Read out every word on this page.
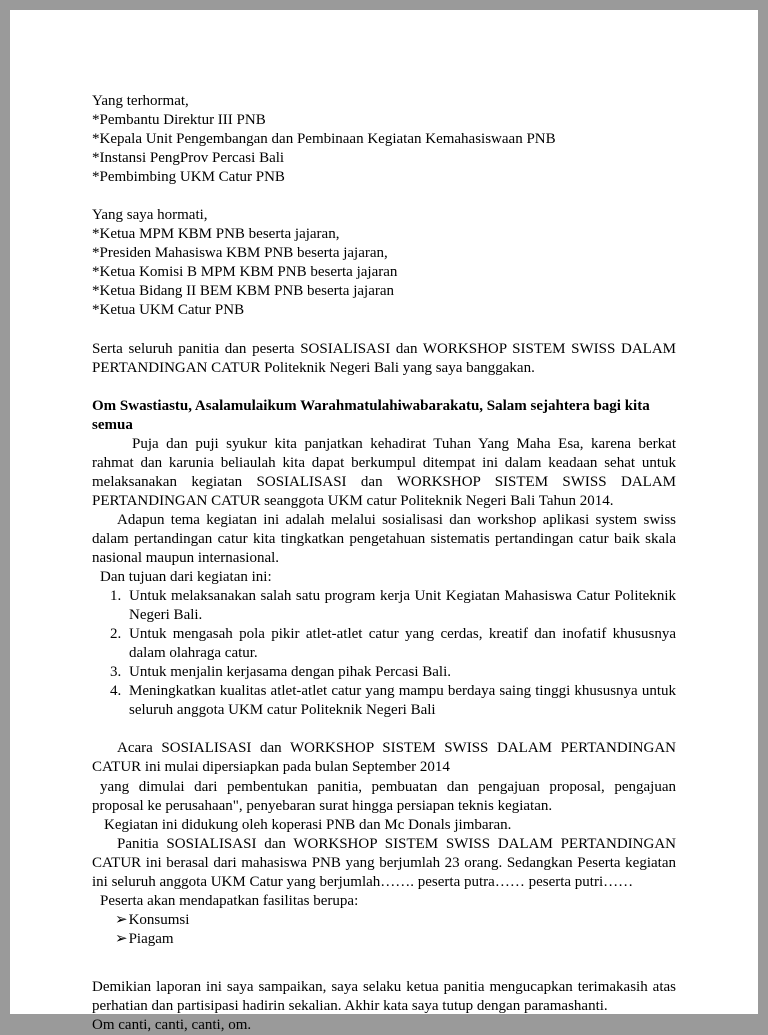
Yang terhormat,

*Pembantu Direktur III PNB

*Kepala Unit Pengembangan dan Pembinaan Kegiatan Kemahasiswaan PNB

*Instansi PengProv Percasi Bali

*Pembimbing UKM Catur PNB

Yang saya hormati,

*Ketua MPM KBM PNB beserta jajaran,

*Presiden Mahasiswa KBM PNB beserta jajaran,

*Ketua Komisi B MPM KBM PNB beserta jajaran

*Ketua Bidang II BEM KBM PNB beserta jajaran

*Ketua UKM Catur PNB

Serta seluruh panitia dan peserta SOSIALISASI dan WORKSHOP SISTEM SWISS DALAM PERTANDINGAN CATUR Politeknik Negeri Bali yang saya banggakan.

Om Swastiastu, Asalamulaikum Warahmatulahiwabarakatu, Salam sejahtera bagi kita semua

Puja dan puji syukur kita panjatkan kehadirat Tuhan Yang Maha Esa, karena berkat rahmat dan karunia beliaulah kita dapat berkumpul ditempat ini dalam keadaan sehat untuk melaksanakan kegiatan SOSIALISASI dan WORKSHOP SISTEM SWISS DALAM PERTANDINGAN CATUR seanggota UKM catur Politeknik Negeri Bali Tahun 2014.

Adapun tema kegiatan ini adalah melalui sosialisasi dan workshop aplikasi system swiss dalam pertandingan catur kita tingkatkan pengetahuan sistematis pertandingan catur baik skala nasional maupun internasional.

Dan tujuan dari kegiatan ini:

1. Untuk melaksanakan salah satu program kerja Unit Kegiatan Mahasiswa Catur Politeknik Negeri Bali.
2. Untuk mengasah pola pikir atlet-atlet catur yang cerdas, kreatif dan inofatif khususnya dalam olahraga catur.
3. Untuk menjalin kerjasama dengan pihak Percasi Bali.
4. Meningkatkan kualitas atlet-atlet catur yang mampu berdaya saing tinggi khususnya untuk seluruh anggota UKM catur Politeknik Negeri Bali

Acara SOSIALISASI dan WORKSHOP SISTEM SWISS DALAM PERTANDINGAN CATUR ini mulai dipersiapkan pada bulan September 2014

yang dimulai dari pembentukan panitia, pembuatan dan pengajuan proposal, pengajuan proposal ke perusahaan", penyebaran surat hingga persiapan teknis kegiatan.

Kegiatan ini didukung oleh koperasi PNB dan Mc Donals jimbaran.

Panitia SOSIALISASI dan WORKSHOP SISTEM SWISS DALAM PERTANDINGAN CATUR ini berasal dari mahasiswa PNB yang berjumlah 23 orang. Sedangkan Peserta kegiatan ini seluruh anggota UKM Catur yang berjumlah……. peserta putra…… peserta putri……

Peserta akan mendapatkan fasilitas berupa:

➢Konsumsi

➢Piagam

Demikian laporan ini saya sampaikan, saya selaku ketua panitia mengucapkan terimakasih atas perhatian dan partisipasi hadirin sekalian. Akhir kata saya tutup dengan paramashanti.

Om canti, canti, canti, om.
